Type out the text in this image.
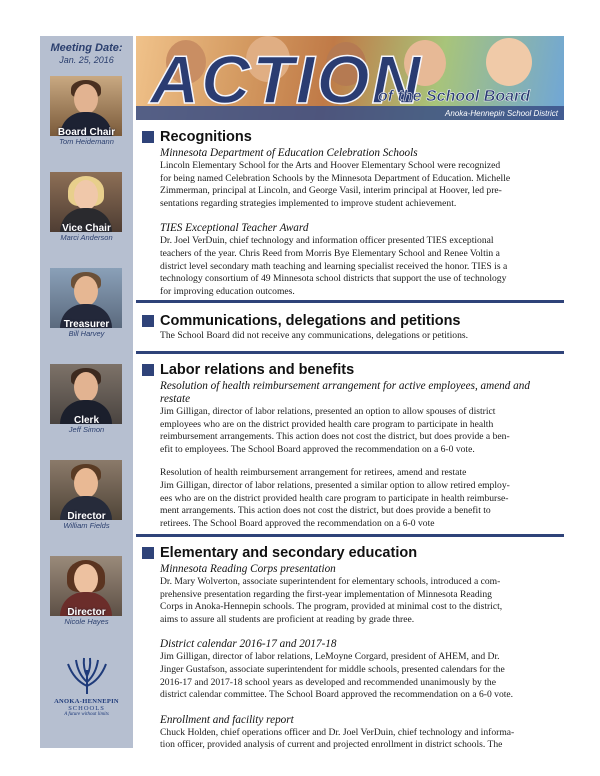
Meeting Date:
Jan. 25, 2016
Board Chair
Tom Heidemann
Vice Chair
Marci Anderson
Treasurer
Bill Harvey
Clerk
Jeff Simon
Director
William Fields
Director
Nicole Hayes
ANOKA-HENNEPIN
SCHOOLS
A future without limits
ACTION
of the School Board
Anoka-Hennepin School District
Recognitions
Minnesota Department of Education Celebration Schools
Lincoln Elementary School for the Arts and Hoover Elementary School were recognized
for being named Celebration Schools by the Minnesota Department of Education. Michelle
Zimmerman, principal at Lincoln, and George Vasil, interim principal at Hoover, led pre-
sentations regarding strategies implemented to improve student achievement.
TIES Exceptional Teacher Award
Dr. Joel VerDuin, chief technology and information officer presented TIES exceptional
teachers of the year. Chris Reed from Morris Bye Elementary School and Renee Voltin a
district level secondary math teaching and learning specialist received the honor. TIES is a
technology consortium of 49 Minnesota school districts that support the use of technology
for improving education outcomes.
Communications, delegations and petitions
The School Board did not receive any communications, delegations or petitions.
Labor relations and benefits
Resolution of health reimbursement arrangement for active employees, amend and restate
Jim Gilligan, director of labor relations, presented an option to allow spouses of district
employees who are on the district provided health care program to participate in health
reimbursement arrangements. This action does not cost the district, but does provide a ben-
efit to employees. The School Board approved the recommendation on a 6-0 vote.
Resolution of health reimbursement arrangement for retirees, amend and restate
Jim Gilligan, director of labor relations, presented a similar option to allow retired employ-
ees who are on the district provided health care program to participate in health reimburse-
ment arrangements. This action does not cost the district, but does provide a benefit to
retirees. The School Board approved the recommendation on a 6-0 vote
Elementary and secondary education
Minnesota Reading Corps presentation
Dr. Mary Wolverton, associate superintendent for elementary schools, introduced a com-
prehensive presentation regarding the first-year implementation of Minnesota Reading
Corps in Anoka-Hennepin schools. The program, provided at minimal cost to the district,
aims to assure all students are proficient at reading by grade three.
District calendar 2016-17 and 2017-18
Jim Gilligan, director of labor relations, LeMoyne Corgard, president of AHEM, and Dr.
Jinger Gustafson, associate superintendent for middle schools, presented calendars for the
2016-17 and 2017-18 school years as developed and recommended unanimously by the
district calendar committee. The School Board approved the recommendation on a 6-0 vote.
Enrollment and facility report
Chuck Holden, chief operations officer and Dr. Joel VerDuin, chief technology and informa-
tion officer, provided analysis of current and projected enrollment in district schools. The
